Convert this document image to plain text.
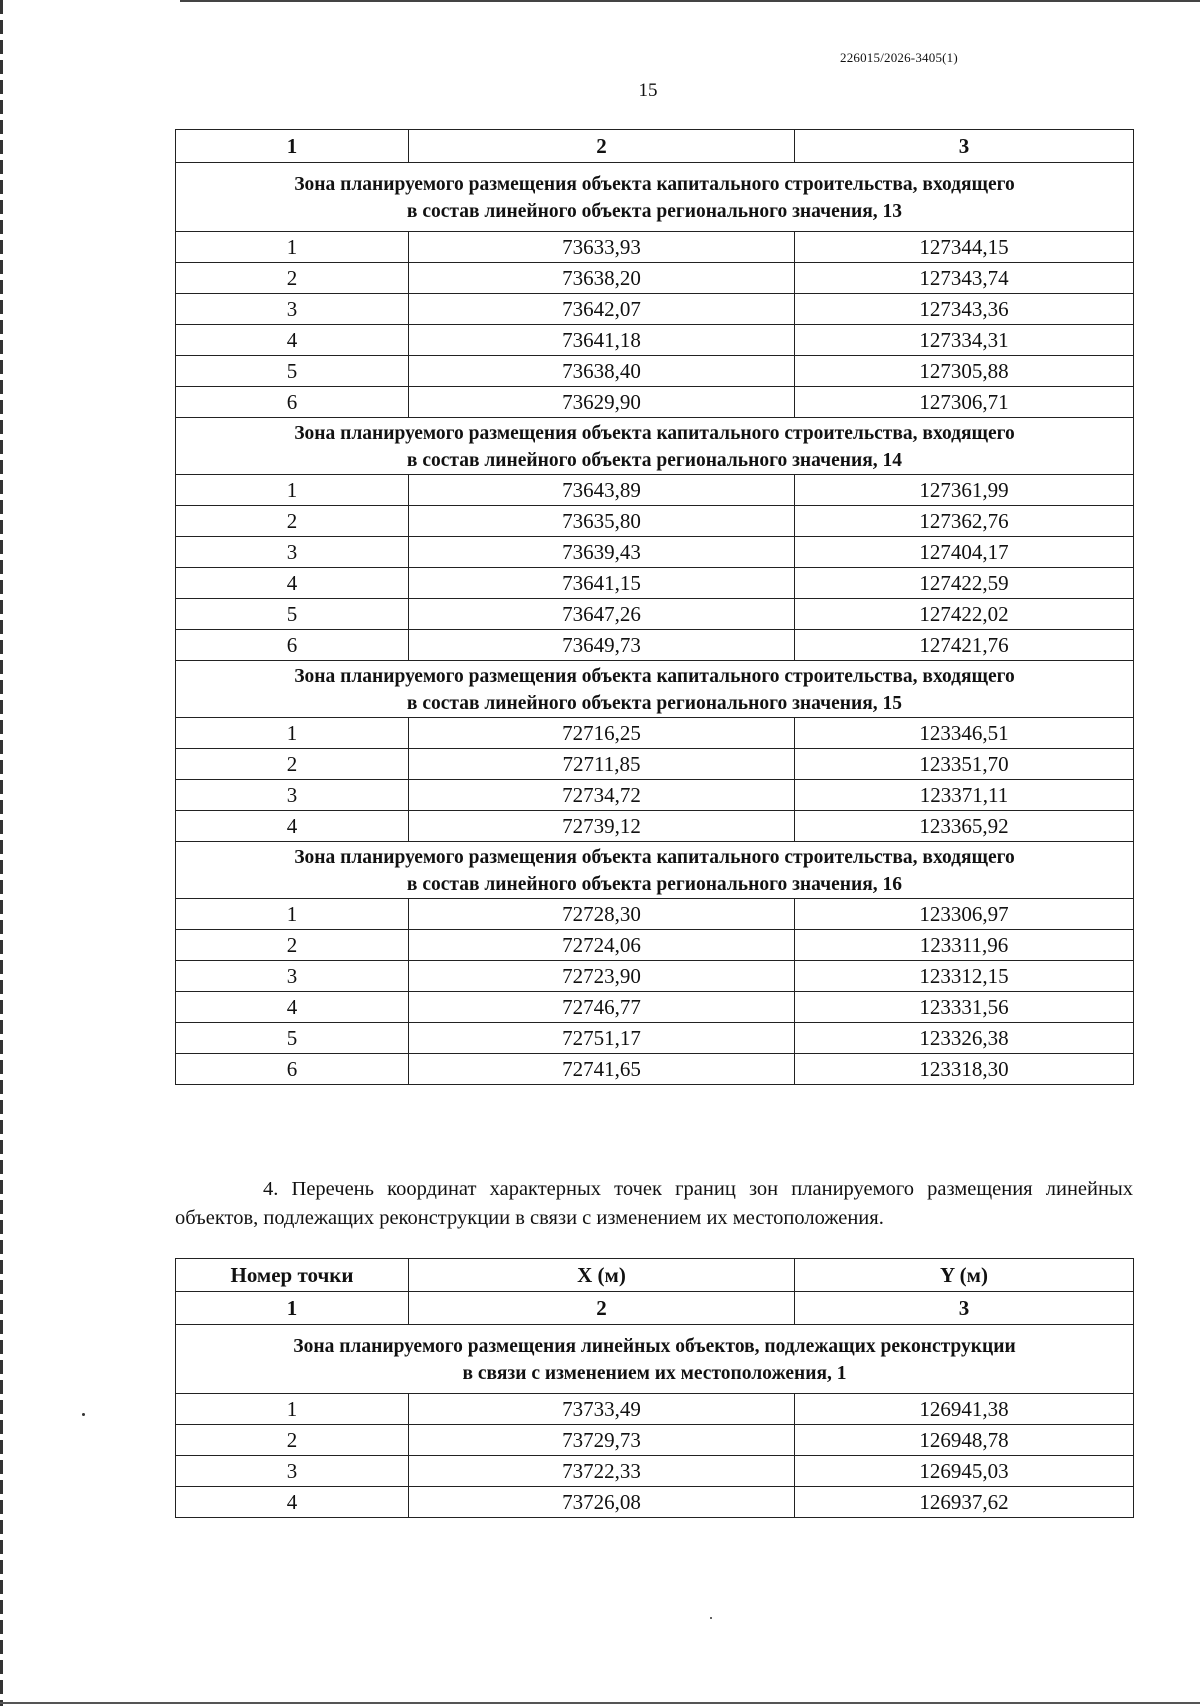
226015/2026-3405(1)
15
1	2	3

Зона планируемого размещения объекта капитального строительства, входящего
в состав линейного объекта регионального значения, 13		

1	73633,93	127344,15
2	73638,20	127343,74
3	73642,07	127343,36
4	73641,18	127334,31
5	73638,40	127305,88
6	73629,90	127306,71

Зона планируемого размещения объекта капитального строительства, входящего
в состав линейного объекта регионального значения, 14		

1	73643,89	127361,99
2	73635,80	127362,76
3	73639,43	127404,17
4	73641,15	127422,59
5	73647,26	127422,02
6	73649,73	127421,76

Зона планируемого размещения объекта капитального строительства, входящего
в состав линейного объекта регионального значения, 15		

1	72716,25	123346,51
2	72711,85	123351,70
3	72734,72	123371,11
4	72739,12	123365,92

Зона планируемого размещения объекта капитального строительства, входящего
в состав линейного объекта регионального значения, 16		

1	72728,30	123306,97
2	72724,06	123311,96
3	72723,90	123312,15
4	72746,77	123331,56
5	72751,17	123326,38
6	72741,65	123318,30

4. Перечень координат характерных точек границ зон планируемого размещения линейных объектов, подлежащих реконструкции в связи с изменением их местоположения.

Номер точки	X (м)	Y (м)
1	2	3

Зона планируемого размещения линейных объектов, подлежащих реконструкции
в связи с изменением их местоположения, 1		

1	73733,49	126941,38
2	73729,73	126948,78
3	73722,33	126945,03
4	73726,08	126937,62
